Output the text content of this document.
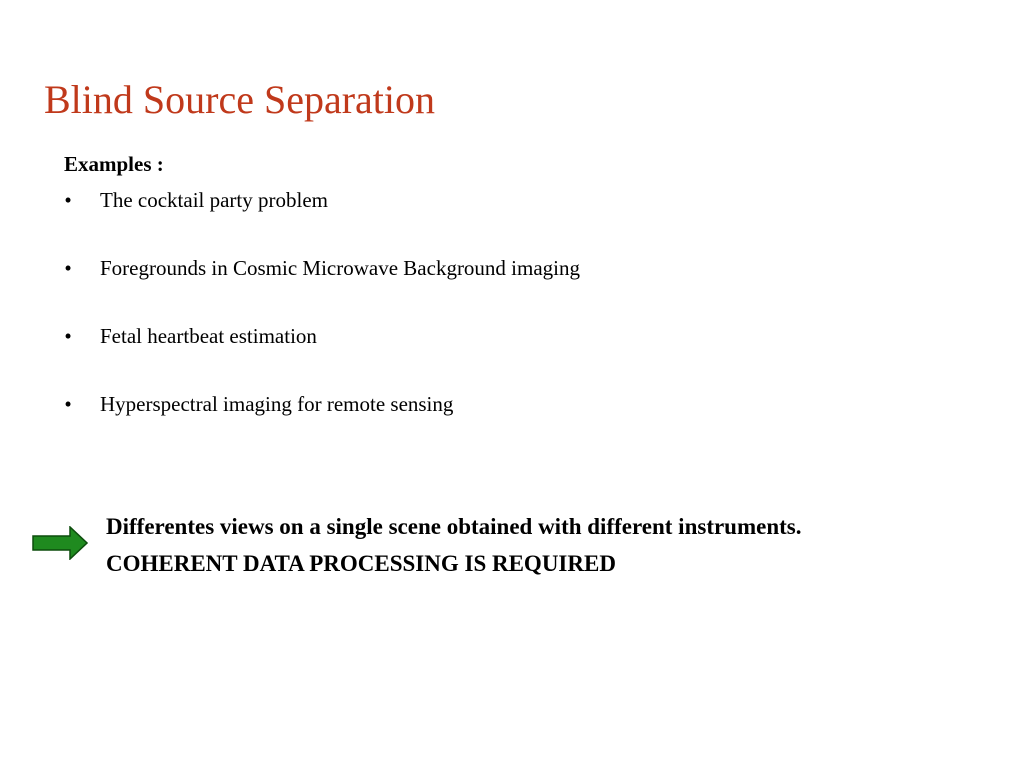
Blind Source Separation
Examples :
• The cocktail party problem
• Foregrounds in Cosmic Microwave Background imaging
• Fetal heartbeat estimation
• Hyperspectral imaging for remote sensing
Differentes views on a single scene obtained with different instruments.
COHERENT DATA PROCESSING IS REQUIRED
